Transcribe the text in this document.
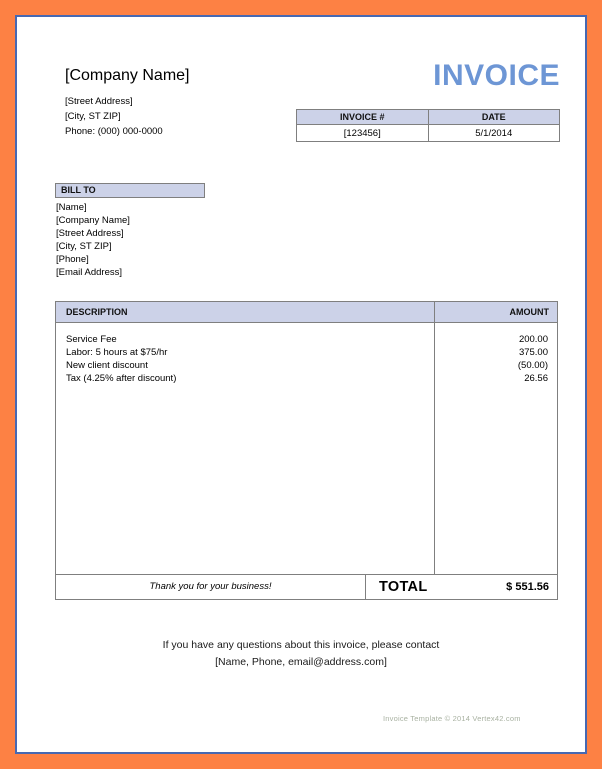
[Company Name]
[Street Address]
[City, ST ZIP]
Phone: (000) 000-0000
INVOICE
INVOICE #	DATE
[123456]	5/1/2014
BILL TO
[Name]
[Company Name]
[Street Address]
[City, ST ZIP]
[Phone]
[Email Address]
DESCRIPTION	AMOUNT
Service Fee	200.00
Labor: 5 hours at $75/hr	375.00
New client discount	(50.00)
Tax (4.25% after discount)	26.56
Thank you for your business!	TOTAL	$ 551.56
If you have any questions about this invoice, please contact
[Name, Phone, email@address.com]
Invoice Template © 2014 Vertex42.com
